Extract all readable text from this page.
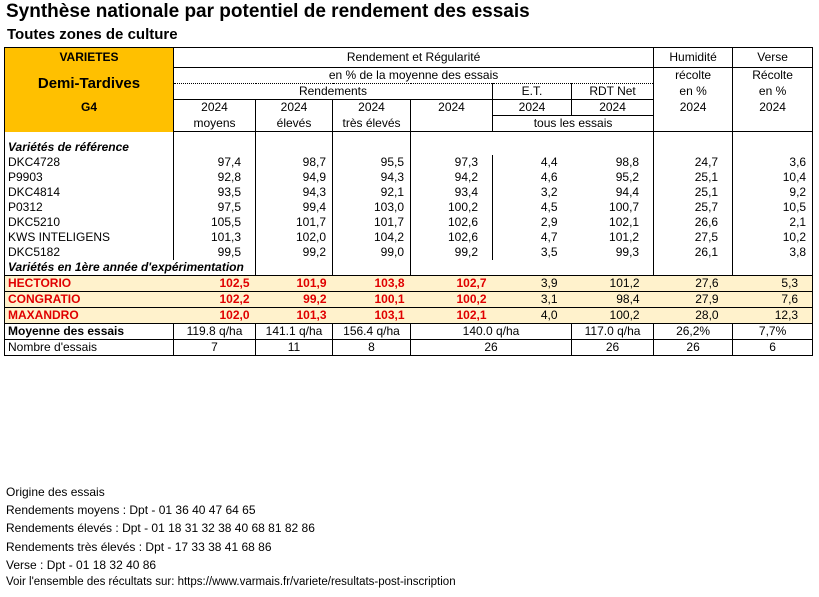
Synthèse nationale par potentiel de rendement des essais
Toutes zones de culture
VARIETES	Rendement et Régularité						Humidité	Verse
Demi-Tardives	en % de la moyenne des essais						récolte	Récolte
	Rendements				E.T.	RDT Net	en %	en %
G4	2024	2024	2024	2024	2024	2024	2024	2024
	moyens	élevés	très élevés		tous les essais			

Variétés de référence								
DKC4728	97,4	98,7	95,5	97,3	4,4	98,8	24,7	3,6
P9903	92,8	94,9	94,3	94,2	4,6	95,2	25,1	10,4
DKC4814	93,5	94,3	92,1	93,4	3,2	94,4	25,1	9,2
P0312	97,5	99,4	103,0	100,2	4,5	100,7	25,7	10,5
DKC5210	105,5	101,7	101,7	102,6	2,9	102,1	26,6	2,1
KWS INTELIGENS	101,3	102,0	104,2	102,6	4,7	101,2	27,5	10,2
DKC5182	99,5	99,2	99,0	99,2	3,5	99,3	26,1	3,8
Variétés en 1ère année d'expérimentation								
HECTORIO	102,5	101,9	103,8	102,7	3,9	101,2	27,6	5,3
CONGRATIO	102,2	99,2	100,1	100,2	3,1	98,4	27,9	7,6
MAXANDRO	102,0	101,3	103,1	102,1	4,0	100,2	28,0	12,3
Moyenne des essais	119.8 q/ha	141.1 q/ha	156.4 q/ha	140.0 q/ha		117.0 q/ha	26,2%	7,7%
Nombre d'essais	7	11	8	26		26	26	6
Origine des essais
Rendements moyens : Dpt - 01 36 40 47 64 65
Rendements élevés : Dpt - 01 18 31 32 38 40 68 81 82 86
Rendements très élevés : Dpt - 17 33 38 41 68 86
Verse : Dpt - 01 18 32 40 86
Voir l'ensemble des récultats sur: https://www.varmais.fr/variete/resultats-post-inscription
